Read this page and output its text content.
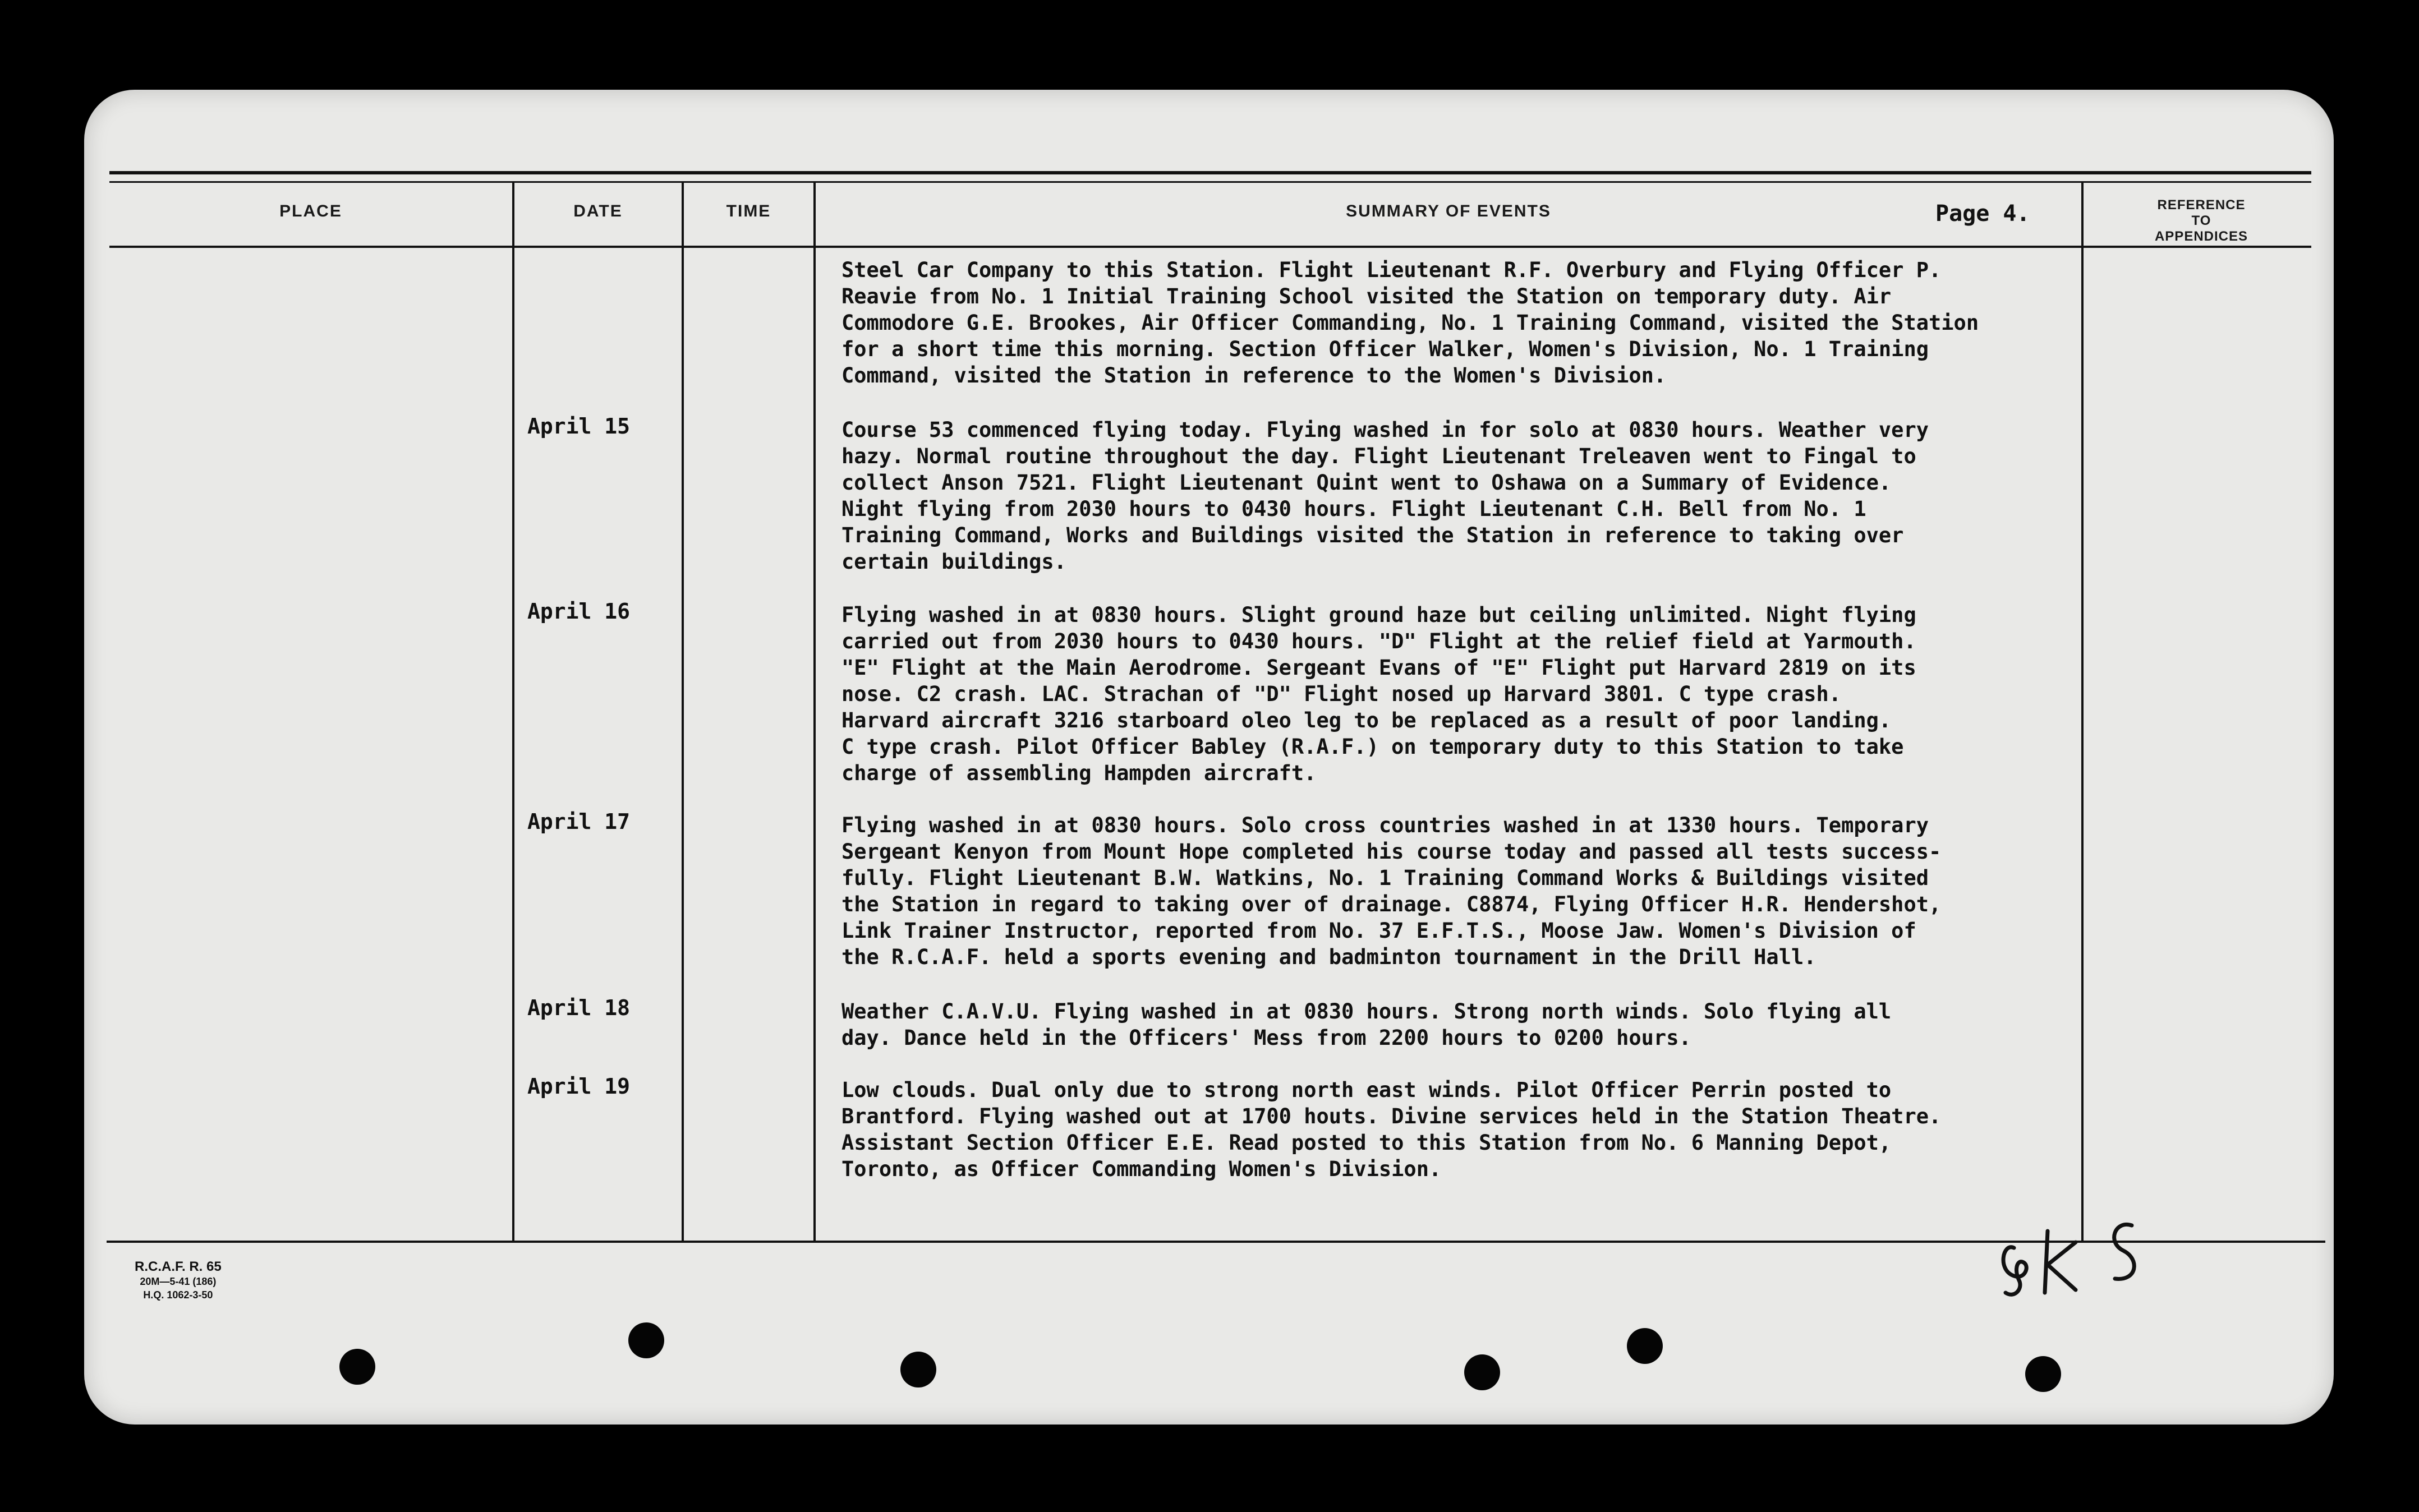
PLACE	DATE	TIME	SUMMARY OF EVENTS	REFERENCE
TO
APPENDICES
Page 4.
Steel Car Company to this Station. Flight Lieutenant R.F. Overbury and Flying Officer P.
Reavie from No. 1 Initial Training School visited the Station on temporary duty. Air
Commodore G.E. Brookes, Air Officer Commanding, No. 1 Training Command, visited the Station
for a short time this morning. Section Officer Walker, Women's Division, No. 1 Training
Command, visited the Station in reference to the Women's Division.
April 15	Course 53 commenced flying today. Flying washed in for solo at 0830 hours. Weather very
hazy. Normal routine throughout the day. Flight Lieutenant Treleaven went to Fingal to
collect Anson 7521. Flight Lieutenant Quint went to Oshawa on a Summary of Evidence.
Night flying from 2030 hours to 0430 hours. Flight Lieutenant C.H. Bell from No. 1
Training Command, Works and Buildings visited the Station in reference to taking over
certain buildings.
April 16	Flying washed in at 0830 hours. Slight ground haze but ceiling unlimited. Night flying
carried out from 2030 hours to 0430 hours. "D" Flight at the relief field at Yarmouth.
"E" Flight at the Main Aerodrome. Sergeant Evans of "E" Flight put Harvard 2819 on its
nose. C2 crash. LAC. Strachan of "D" Flight nosed up Harvard 3801. C type crash.
Harvard aircraft 3216 starboard oleo leg to be replaced as a result of poor landing.
C type crash. Pilot Officer Babley (R.A.F.) on temporary duty to this Station to take
charge of assembling Hampden aircraft.
April 17	Flying washed in at 0830 hours. Solo cross countries washed in at 1330 hours. Temporary
Sergeant Kenyon from Mount Hope completed his course today and passed all tests success-
fully. Flight Lieutenant B.W. Watkins, No. 1 Training Command Works & Buildings visited
the Station in regard to taking over of drainage. C8874, Flying Officer H.R. Hendershot,
Link Trainer Instructor, reported from No. 37 E.F.T.S., Moose Jaw. Women's Division of
the R.C.A.F. held a sports evening and badminton tournament in the Drill Hall.
April 18	Weather C.A.V.U. Flying washed in at 0830 hours. Strong north winds. Solo flying all
day. Dance held in the Officers' Mess from 2200 hours to 0200 hours.
April 19	Low clouds. Dual only due to strong north east winds. Pilot Officer Perrin posted to
Brantford. Flying washed out at 1700 houts. Divine services held in the Station Theatre.
Assistant Section Officer E.E. Read posted to this Station from No. 6 Manning Depot,
Toronto, as Officer Commanding Women's Division.
R.C.A.F. R. 65
20M—5-41 (186)
H.Q. 1062-3-50
